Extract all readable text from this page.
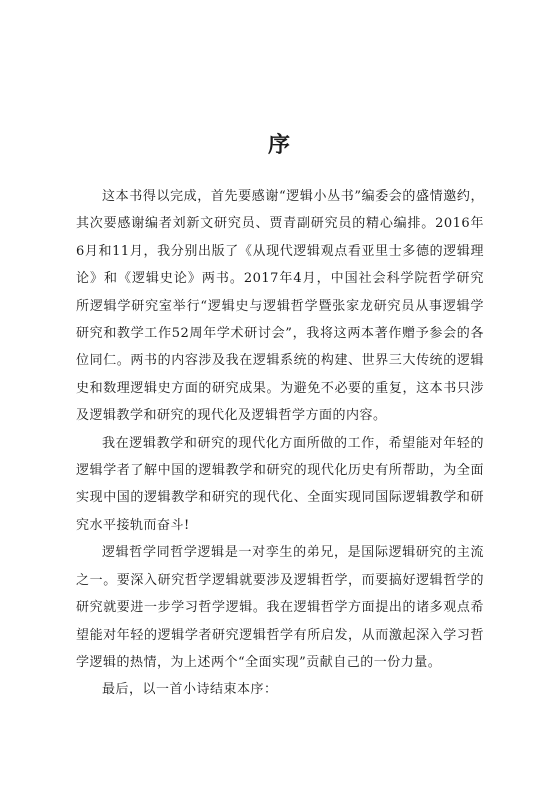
序

这本书得以完成，首先要感谢“逻辑小丛书”编委会的盛情邀约，其次要感谢编者刘新文研究员、贾青副研究员的精心编排。2016年6月和11月，我分别出版了《从现代逻辑观点看亚里士多德的逻辑理论》和《逻辑史论》两书。2017年4月，中国社会科学院哲学研究所逻辑学研究室举行“逻辑史与逻辑哲学暨张家龙研究员从事逻辑学研究和教学工作52周年学术研讨会”，我将这两本著作赠予参会的各位同仁。两书的内容涉及我在逻辑系统的构建、世界三大传统的逻辑史和数理逻辑史方面的研究成果。为避免不必要的重复，这本书只涉及逻辑教学和研究的现代化及逻辑哲学方面的内容。

我在逻辑教学和研究的现代化方面所做的工作，希望能对年轻的逻辑学者了解中国的逻辑教学和研究的现代化历史有所帮助，为全面实现中国的逻辑教学和研究的现代化、全面实现同国际逻辑教学和研究水平接轨而奋斗!

逻辑哲学同哲学逻辑是一对孪生的弟兄，是国际逻辑研究的主流之一。要深入研究哲学逻辑就要涉及逻辑哲学，而要搞好逻辑哲学的研究就要进一步学习哲学逻辑。我在逻辑哲学方面提出的诸多观点希望能对年轻的逻辑学者研究逻辑哲学有所启发，从而激起深入学习哲学逻辑的热情，为上述两个“全面实现”贡献自己的一份力量。

最后，以一首小诗结束本序：
